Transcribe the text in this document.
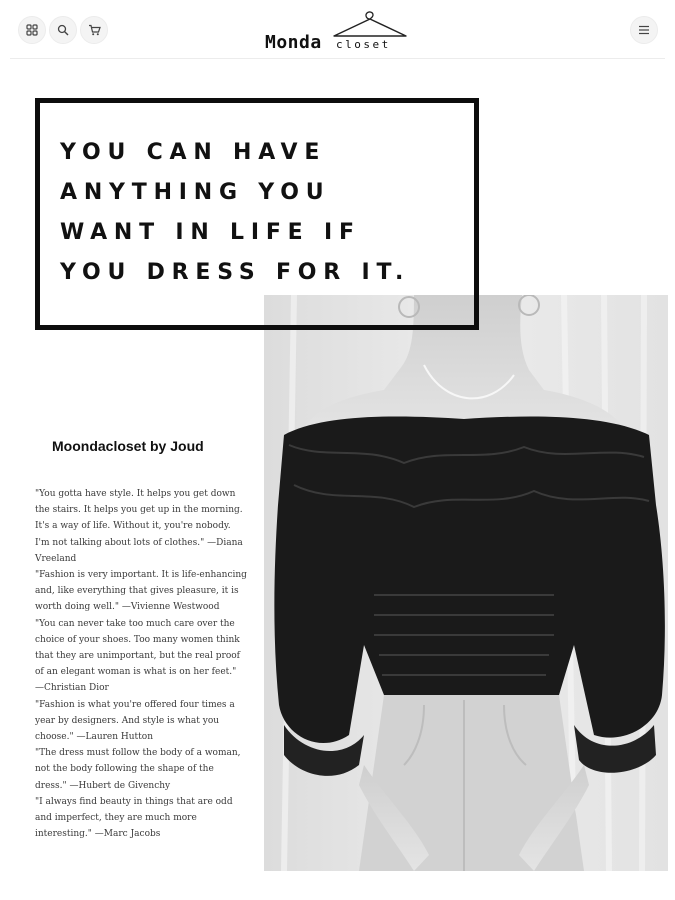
Monda closet
YOU CAN HAVE
ANYTHING YOU
WANT IN LIFE IF
YOU DRESS FOR IT.
Moondacloset by Joud

"You gotta have style. It helps you get down the stairs. It helps you get up in the morning. It's a way of life. Without it, you're nobody. I'm not talking about lots of clothes." —Diana Vreeland

"Fashion is very important. It is life-enhancing and, like everything that gives pleasure, it is worth doing well." —Vivienne Westwood

"You can never take too much care over the choice of your shoes. Too many women think that they are unimportant, but the real proof of an elegant woman is what is on her feet." —Christian Dior

"Fashion is what you're offered four times a year by designers. And style is what you choose." —Lauren Hutton

"The dress must follow the body of a woman, not the body following the shape of the dress." —Hubert de Givenchy

"I always find beauty in things that are odd and imperfect, they are much more interesting." —Marc Jacobs
